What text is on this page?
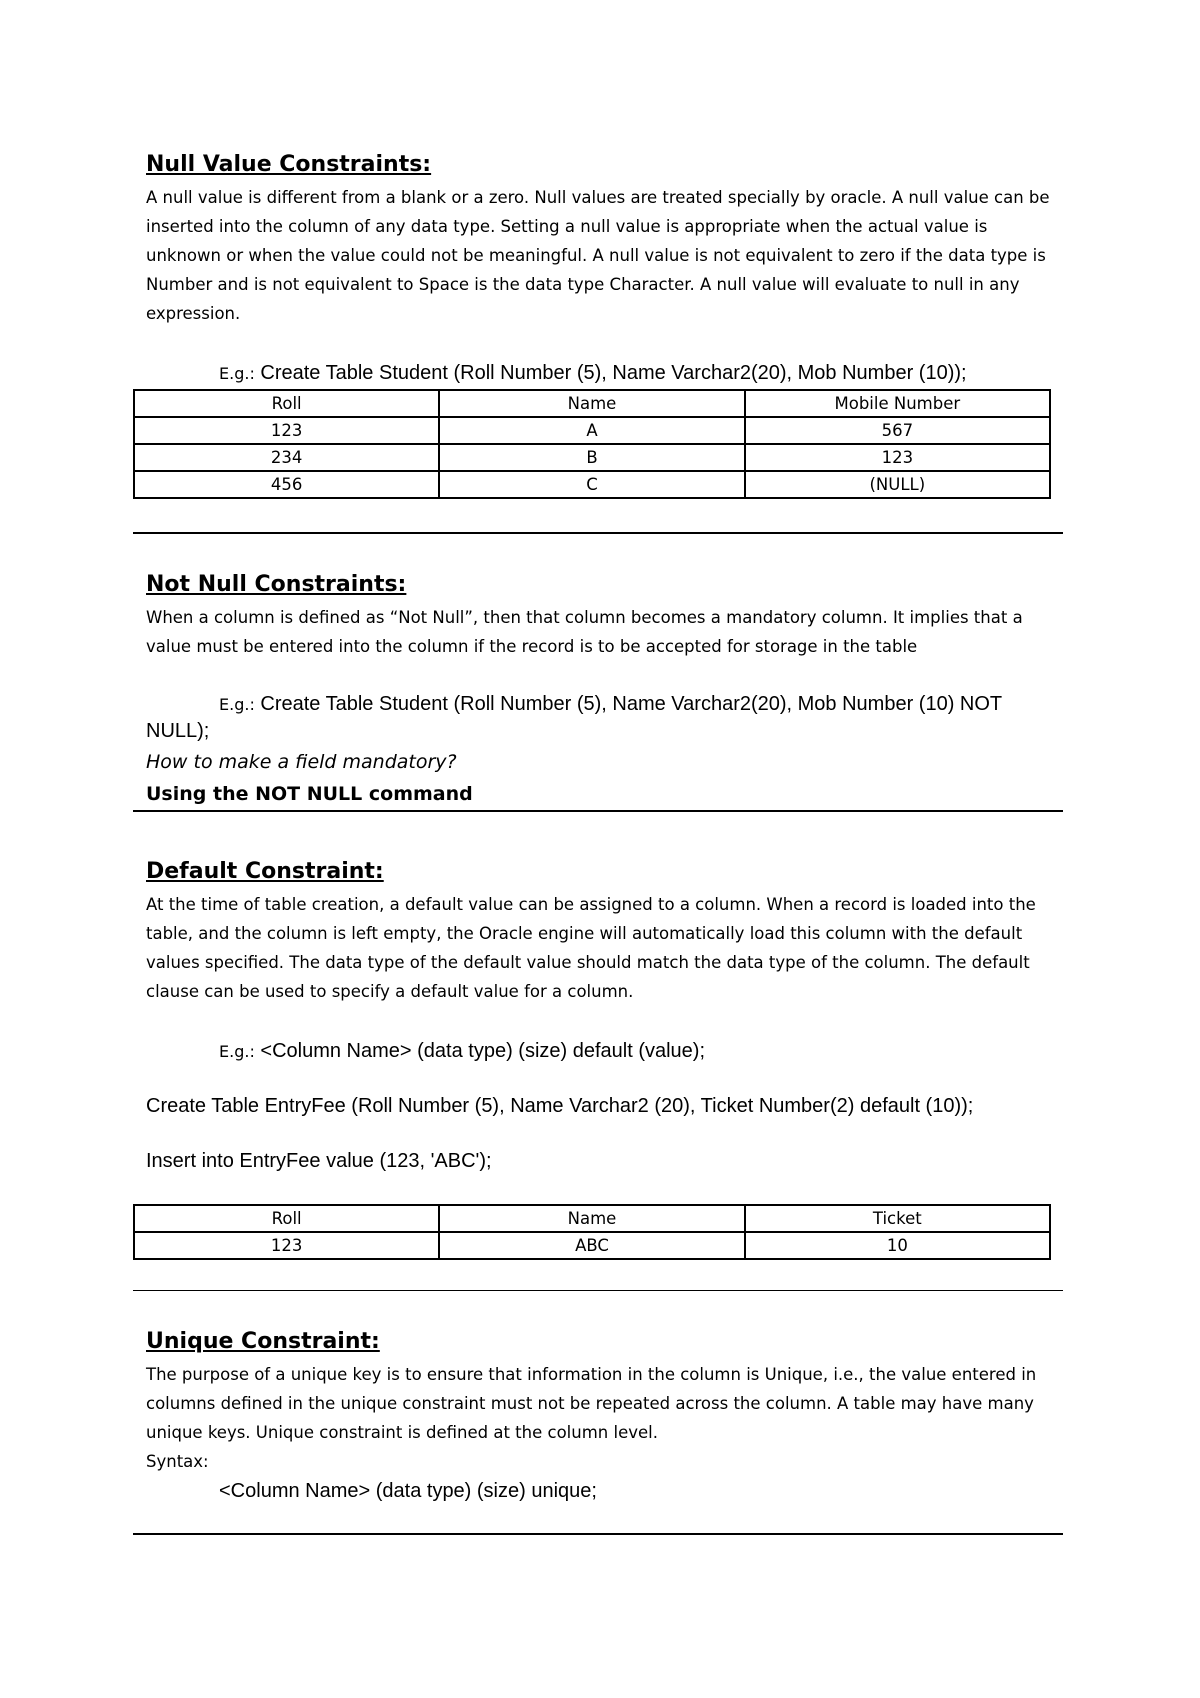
Null Value Constraints:

A null value is different from a blank or a zero. Null values are treated specially by oracle. A null value can be inserted into the column of any data type. Setting a null value is appropriate when the actual value is unknown or when the value could not be meaningful. A null value is not equivalent to zero if the data type is Number and is not equivalent to Space is the data type Character. A null value will evaluate to null in any expression.

E.g.: Create Table Student (Roll Number (5), Name Varchar2(20), Mob Number (10));

Roll	Name	Mobile Number
123	A	567
234	B	123
456	C	(NULL)
Not Null Constraints:

When a column is defined as “Not Null”, then that column becomes a mandatory column. It implies that a value must be entered into the column if the record is to be accepted for storage in the table

E.g.: Create Table Student (Roll Number (5), Name Varchar2(20), Mob Number (10) NOT NULL);

How to make a field mandatory?

Using the NOT NULL command

Default Constraint:

At the time of table creation, a default value can be assigned to a column. When a record is loaded into the table, and the column is left empty, the Oracle engine will automatically load this column with the default values specified. The data type of the default value should match the data type of the column. The default clause can be used to specify a default value for a column.

E.g.: <Column Name> (data type) (size) default (value);

Create Table EntryFee (Roll Number (5), Name Varchar2 (20), Ticket Number(2) default (10));

Insert into EntryFee value (123, 'ABC');

Roll	Name	Ticket
123	ABC	10
Unique Constraint:

The purpose of a unique key is to ensure that information in the column is Unique, i.e., the value entered in columns defined in the unique constraint must not be repeated across the column. A table may have many unique keys. Unique constraint is defined at the column level.

Syntax:

<Column Name> (data type) (size) unique;
